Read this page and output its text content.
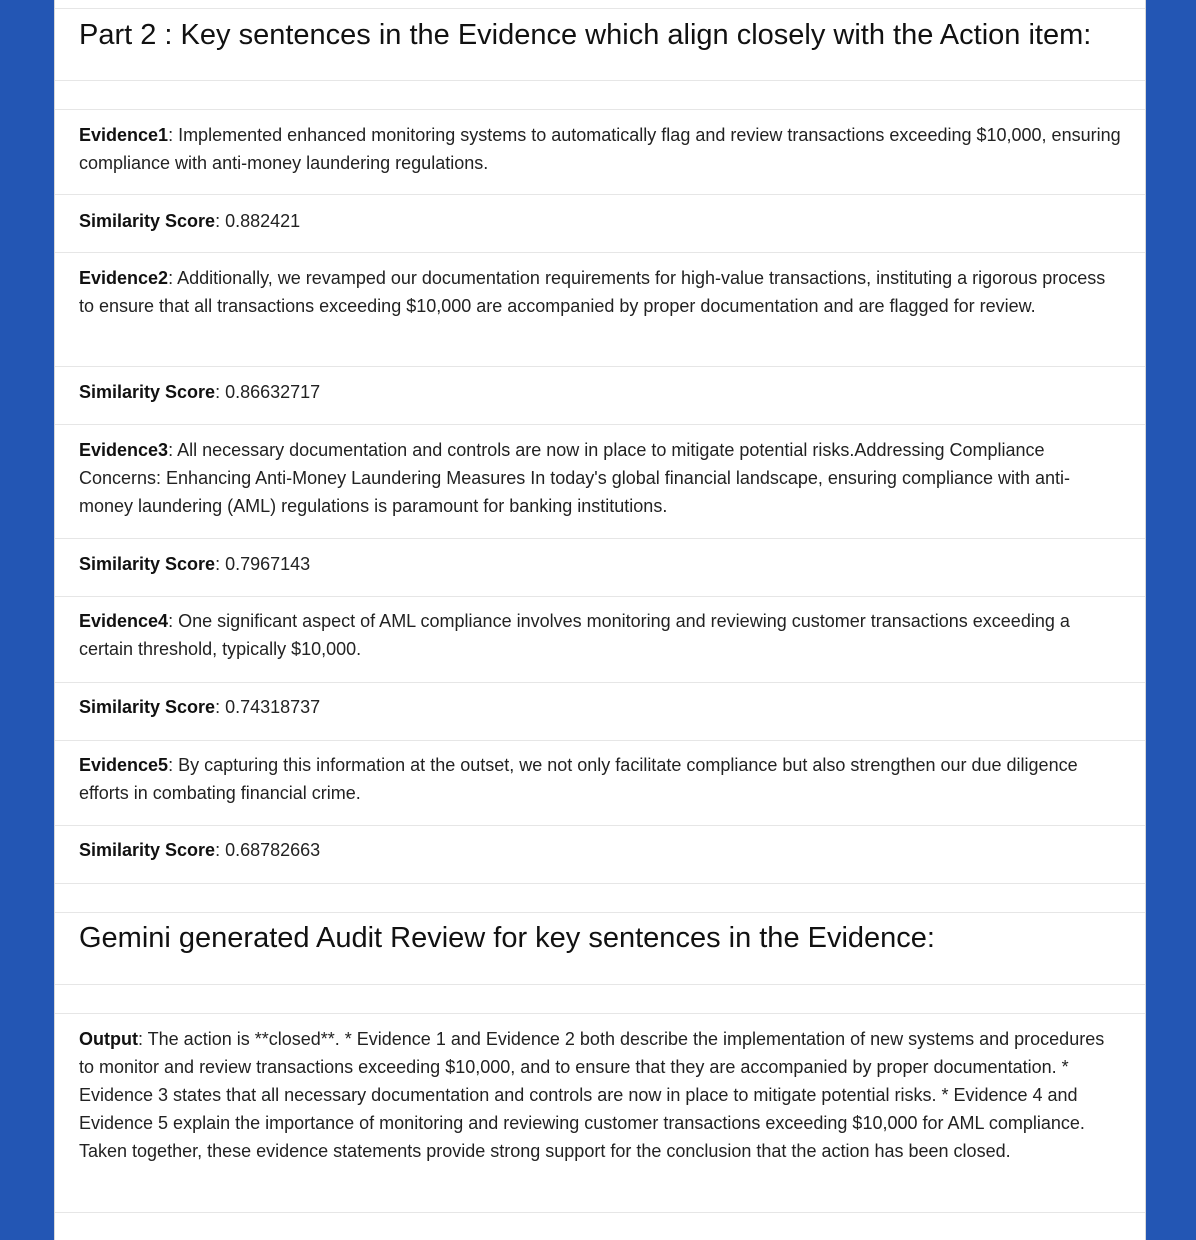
Part 2 : Key sentences in the Evidence which align closely with the Action item:

Evidence1: Implemented enhanced monitoring systems to automatically flag and review transactions exceeding $10,000, ensuring compliance with anti-money laundering regulations.

Similarity Score: 0.882421

Evidence2: Additionally, we revamped our documentation requirements for high-value transactions, instituting a rigorous process to ensure that all transactions exceeding $10,000 are accompanied by proper documentation and are flagged for review.

Similarity Score: 0.86632717

Evidence3: All necessary documentation and controls are now in place to mitigate potential risks.Addressing Compliance Concerns: Enhancing Anti-Money Laundering Measures In today's global financial landscape, ensuring compliance with anti-money laundering (AML) regulations is paramount for banking institutions.

Similarity Score: 0.7967143

Evidence4: One significant aspect of AML compliance involves monitoring and reviewing customer transactions exceeding a certain threshold, typically $10,000.

Similarity Score: 0.74318737

Evidence5: By capturing this information at the outset, we not only facilitate compliance but also strengthen our due diligence efforts in combating financial crime.

Similarity Score: 0.68782663

Gemini generated Audit Review for key sentences in the Evidence:

Output: The action is **closed**. * Evidence 1 and Evidence 2 both describe the implementation of new systems and procedures to monitor and review transactions exceeding $10,000, and to ensure that they are accompanied by proper documentation. * Evidence 3 states that all necessary documentation and controls are now in place to mitigate potential risks. * Evidence 4 and Evidence 5 explain the importance of monitoring and reviewing customer transactions exceeding $10,000 for AML compliance. Taken together, these evidence statements provide strong support for the conclusion that the action has been closed.
